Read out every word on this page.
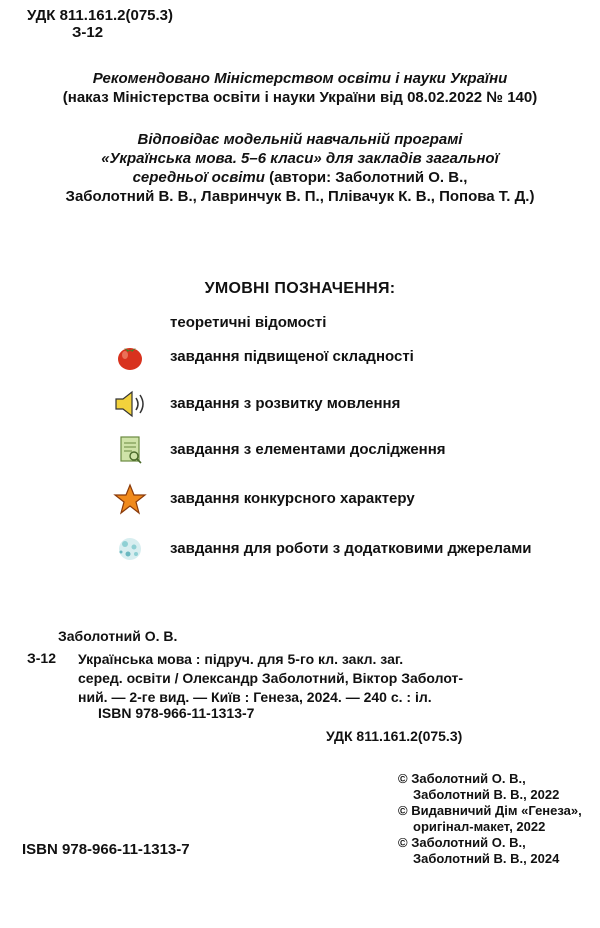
УДК 811.161.2(075.3)
З-12
Рекомендовано Міністерством освіти і науки України
(наказ Міністерства освіти і науки України від 08.02.2022 № 140)
Відповідає модельній навчальній програмі
«Українська мова. 5–6 класи» для закладів загальної
середньої освіти (автори: Заболотний О. В.,
Заболотний В. В., Лавринчук В. П., Плівачук К. В., Попова Т. Д.)
УМОВНІ ПОЗНАЧЕННЯ:
теоретичні відомості
завдання підвищеної складності
завдання з розвитку мовлення
завдання з елементами дослідження
завдання конкурсного характеру
завдання для роботи з додатковими джерелами
Заболотний О. В.
З-12 Українська мова : підруч. для 5-го кл. закл. заг.
серед. освіти / Олександр Заболотний, Віктор Заболот-
ний. — 2-ге вид. — Київ : Генеза, 2024. — 240 с. : іл.
ISBN 978-966-11-1313-7
УДК 811.161.2(075.3)
© Заболотний О. В.,
Заболотний В. В., 2022
© Видавничий Дім «Генеза»,
оригінал-макет, 2022
© Заболотний О. В.,
Заболотний В. В., 2024
ISBN 978-966-11-1313-7
